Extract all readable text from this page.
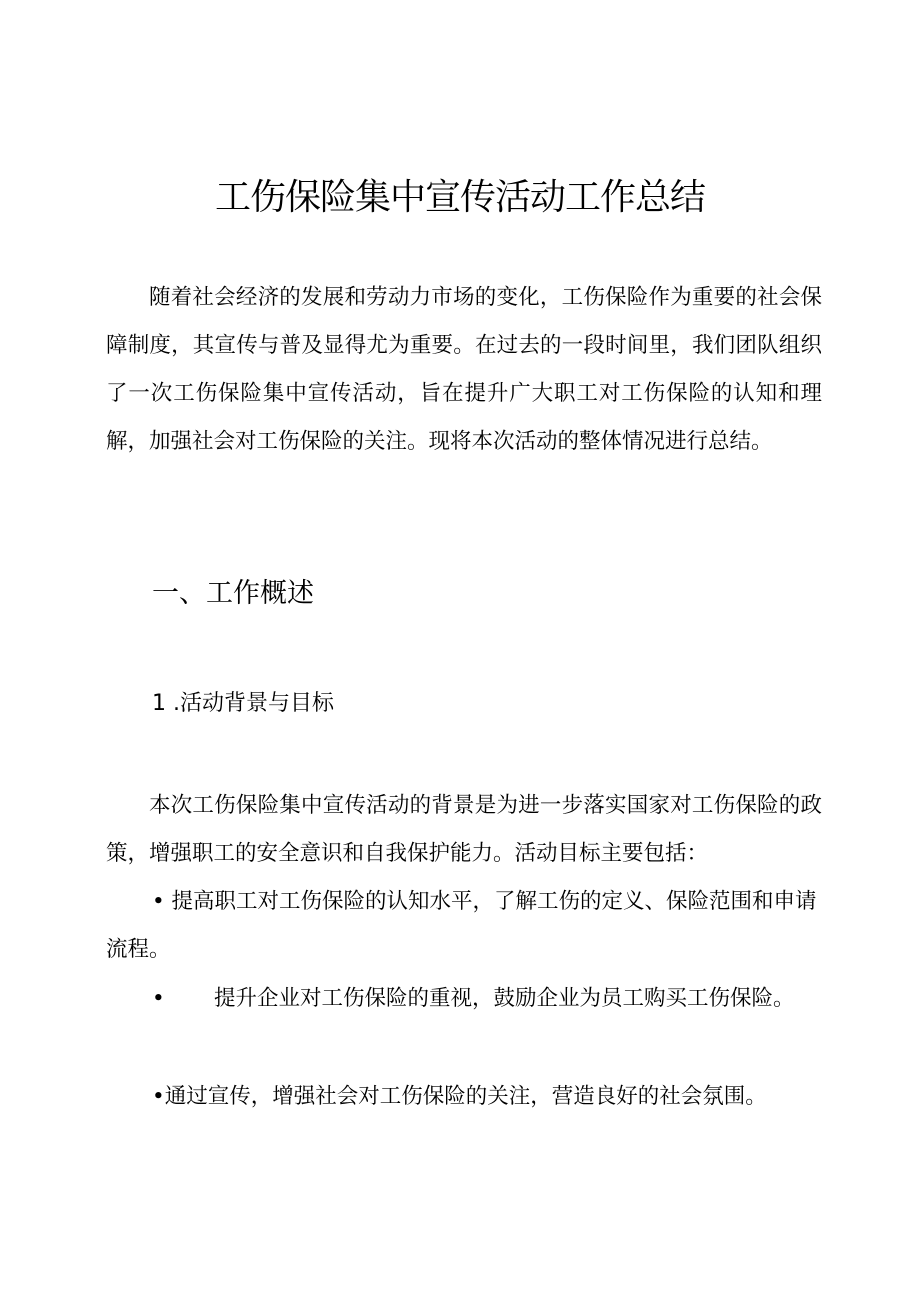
工伤保险集中宣传活动工作总结

随着社会经济的发展和劳动力市场的变化，工伤保险作为重要的社会保障制度，其宣传与普及显得尤为重要。在过去的一段时间里，我们团队组织了一次工伤保险集中宣传活动，旨在提升广大职工对工伤保险的认知和理解，加强社会对工伤保险的关注。现将本次活动的整体情况进行总结。

一、工作概述
1 .活动背景与目标

本次工伤保险集中宣传活动的背景是为进一步落实国家对工伤保险的政策，增强职工的安全意识和自我保护能力。活动目标主要包括：

• 提高职工对工伤保险的认知水平，了解工伤的定义、保险范围和申请流程。

• 提升企业对工伤保险的重视，鼓励企业为员工购买工伤保险。

•通过宣传，增强社会对工伤保险的关注，营造良好的社会氛围。
